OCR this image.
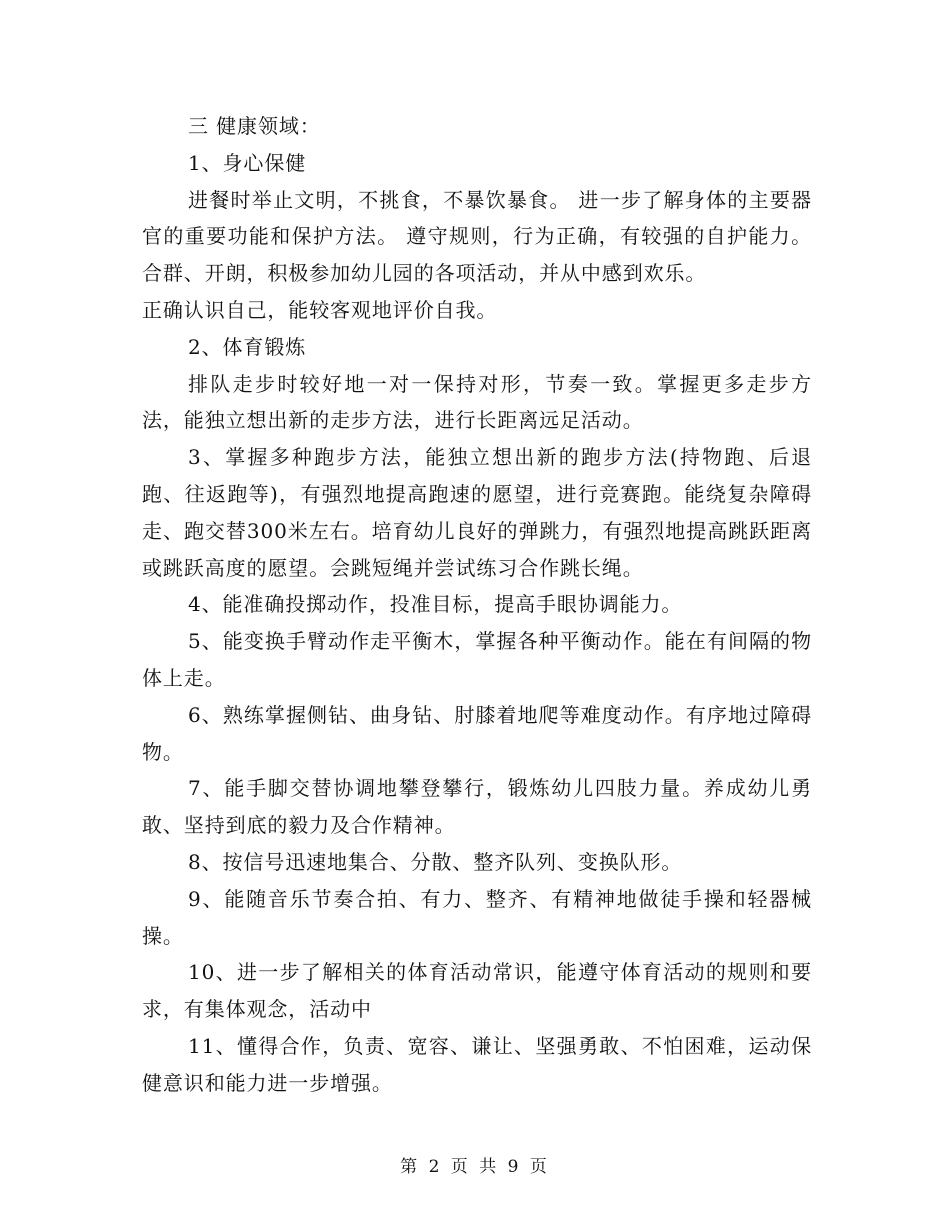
三 健康领域：

1、身心保健

进餐时举止文明，不挑食，不暴饮暴食。 进一步了解身体的主要器官的重要功能和保护方法。 遵守规则，行为正确，有较强的自护能力。 合群、开朗，积极参加幼儿园的各项活动，并从中感到欢乐。

正确认识自己，能较客观地评价自我。

2、体育锻炼

排队走步时较好地一对一保持对形，节奏一致。掌握更多走步方法，能独立想出新的走步方法，进行长距离远足活动。

3、掌握多种跑步方法，能独立想出新的跑步方法(持物跑、后退跑、往返跑等)，有强烈地提高跑速的愿望，进行竞赛跑。能绕复杂障碍走、跑交替300米左右。培育幼儿良好的弹跳力，有强烈地提高跳跃距离或跳跃高度的愿望。会跳短绳并尝试练习合作跳长绳。

4、能准确投掷动作，投准目标，提高手眼协调能力。

5、能变换手臂动作走平衡木，掌握各种平衡动作。能在有间隔的物体上走。

6、熟练掌握侧钻、曲身钻、肘膝着地爬等难度动作。有序地过障碍物。

7、能手脚交替协调地攀登攀行，锻炼幼儿四肢力量。养成幼儿勇敢、坚持到底的毅力及合作精神。

8、按信号迅速地集合、分散、整齐队列、变换队形。

9、能随音乐节奏合拍、有力、整齐、有精神地做徒手操和轻器械操。

10、进一步了解相关的体育活动常识，能遵守体育活动的规则和要求，有集体观念，活动中

11、懂得合作，负责、宽容、谦让、坚强勇敢、不怕困难，运动保健意识和能力进一步增强。

第 2 页 共 9 页
